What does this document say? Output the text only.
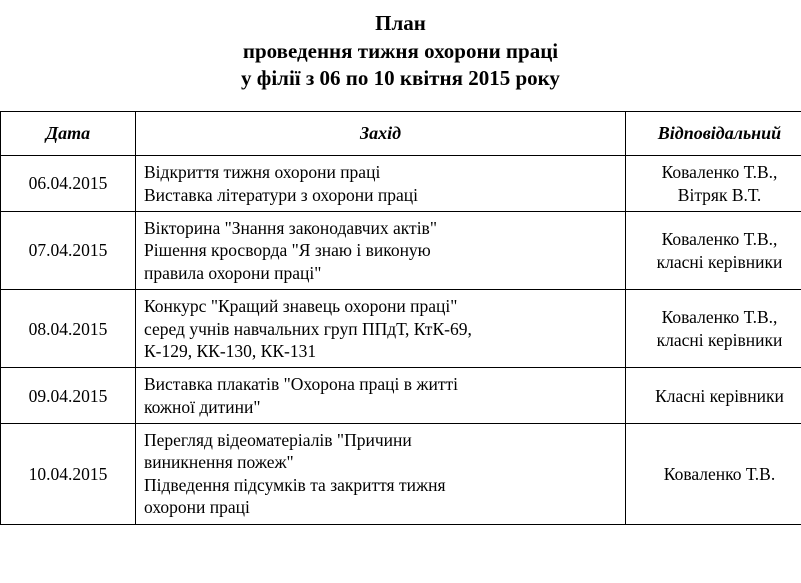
План
проведення тижня охорони праці
у філії з 06 по 10 квітня 2015 року
Дата	Захід	Відповідальний
06.04.2015	Відкриття тижня охорони праці
Виставка літератури з охорони праці	Коваленко Т.В.,
Вітряк В.Т.

07.04.2015	Вікторина "Знання законодавчих актів"
Рішення кросворда "Я знаю і виконую
правила охорони праці"	Коваленко Т.В.,
класні керівники

08.04.2015	Конкурс "Кращий знавець охорони праці"
серед учнів навчальних груп ППдТ, КтК-69,
К-129, КК-130, КК-131	Коваленко Т.В.,
класні керівники

09.04.2015	Виставка плакатів "Охорона праці в житті
кожної дитини"	Класні керівники

10.04.2015	Перегляд відеоматеріалів "Причини
виникнення пожеж"
Підведення підсумків та закриття тижня
охорони праці	Коваленко Т.В.
